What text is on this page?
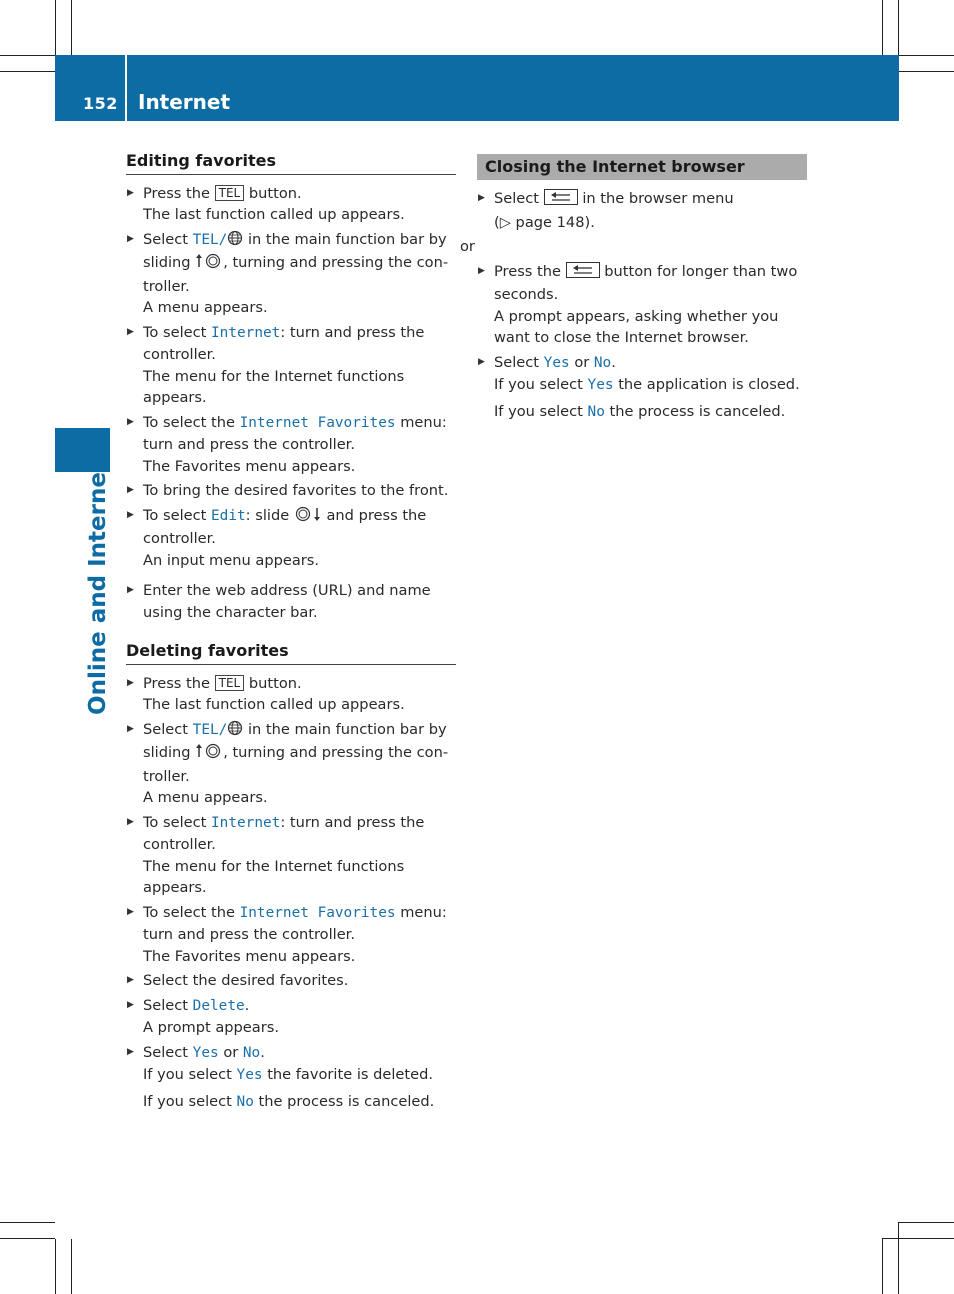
152 Internet
Online and Internet
Editing favorites
▶ Press the TEL button.
The last function called up appears.
▶ Select TEL/ in the main function bar by sliding , turning and pressing the con-troller.
A menu appears.
▶ To select Internet: turn and press the controller.
The menu for the Internet functions appears.
▶ To select the Internet Favorites menu: turn and press the controller.
The Favorites menu appears.
▶ To bring the desired favorites to the front.
▶ To select Edit: slide	and press the controller.
An input menu appears.
▶ Enter the web address (URL) and name using the character bar.
Deleting favorites
▶ Press the TEL button.
The last function called up appears.
▶ Select TEL/ in the main function bar by sliding , turning and pressing the con-troller.
A menu appears.
▶ To select Internet: turn and press the controller.
The menu for the Internet functions appears.
▶ To select the Internet Favorites menu: turn and press the controller.
The Favorites menu appears.
▶ Select the desired favorites.
▶ Select Delete.
A prompt appears.
▶ Select Yes or No.
If you select Yes the favorite is deleted.
If you select No the process is canceled.
Closing the Internet browser
▶ Select	in the browser menu
(▷ page 148).
or
▶ Press the	button for longer than two seconds.
A prompt appears, asking whether you want to close the Internet browser.
▶ Select Yes or No.
If you select Yes the application is closed.
If you select No the process is canceled.
